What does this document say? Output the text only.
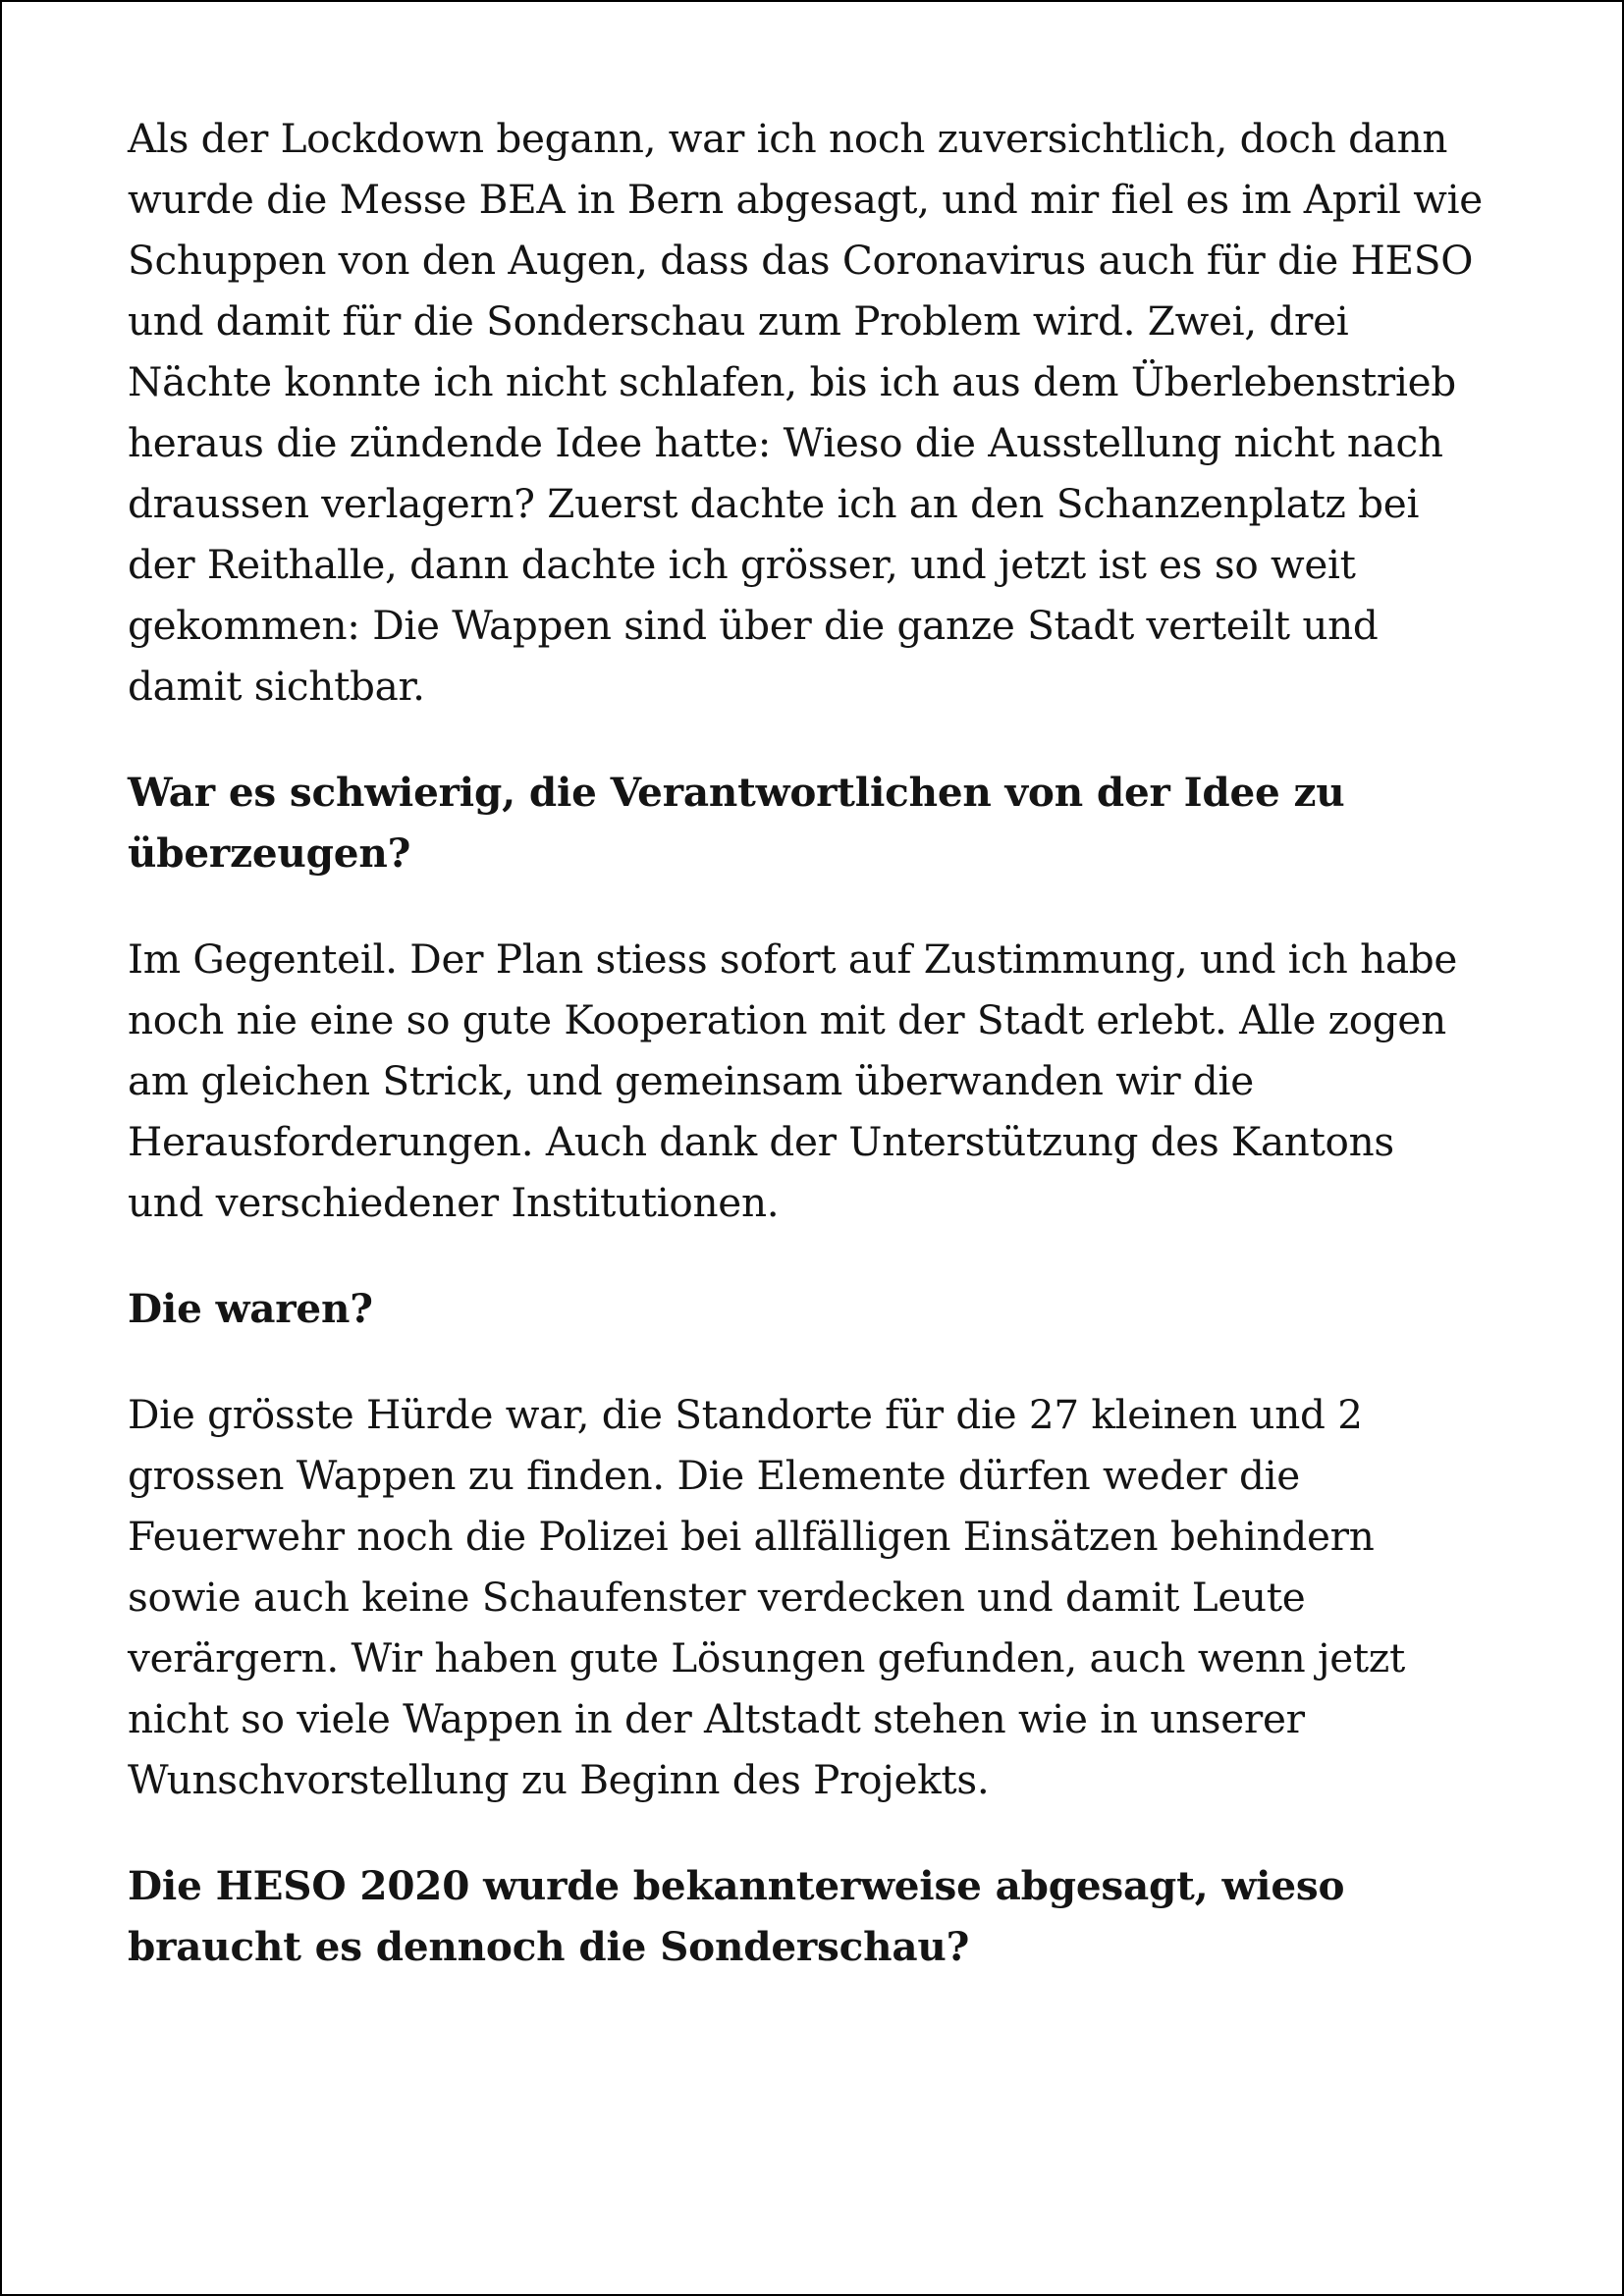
Als der Lockdown begann, war ich noch zuversichtlich, doch dann
wurde die Messe BEA in Bern abgesagt, und mir fiel es im April wie
Schuppen von den Augen, dass das Coronavirus auch für die HESO
und damit für die Sonderschau zum Problem wird. Zwei, drei
Nächte konnte ich nicht schlafen, bis ich aus dem Überlebenstrieb
heraus die zündende Idee hatte: Wieso die Ausstellung nicht nach
draussen verlagern? Zuerst dachte ich an den Schanzenplatz bei
der Reithalle, dann dachte ich grösser, und jetzt ist es so weit
gekommen: Die Wappen sind über die ganze Stadt verteilt und
damit sichtbar.

War es schwierig, die Verantwortlichen von der Idee zu
überzeugen?

Im Gegenteil. Der Plan stiess sofort auf Zustimmung, und ich habe
noch nie eine so gute Kooperation mit der Stadt erlebt. Alle zogen
am gleichen Strick, und gemeinsam überwanden wir die
Herausforderungen. Auch dank der Unterstützung des Kantons
und verschiedener Institutionen.

Die waren?

Die grösste Hürde war, die Standorte für die 27 kleinen und 2
grossen Wappen zu finden. Die Elemente dürfen weder die
Feuerwehr noch die Polizei bei allfälligen Einsätzen behindern
sowie auch keine Schaufenster verdecken und damit Leute
verärgern. Wir haben gute Lösungen gefunden, auch wenn jetzt
nicht so viele Wappen in der Altstadt stehen wie in unserer
Wunschvorstellung zu Beginn des Projekts.

Die HESO 2020 wurde bekannterweise abgesagt, wieso
braucht es dennoch die Sonderschau?
